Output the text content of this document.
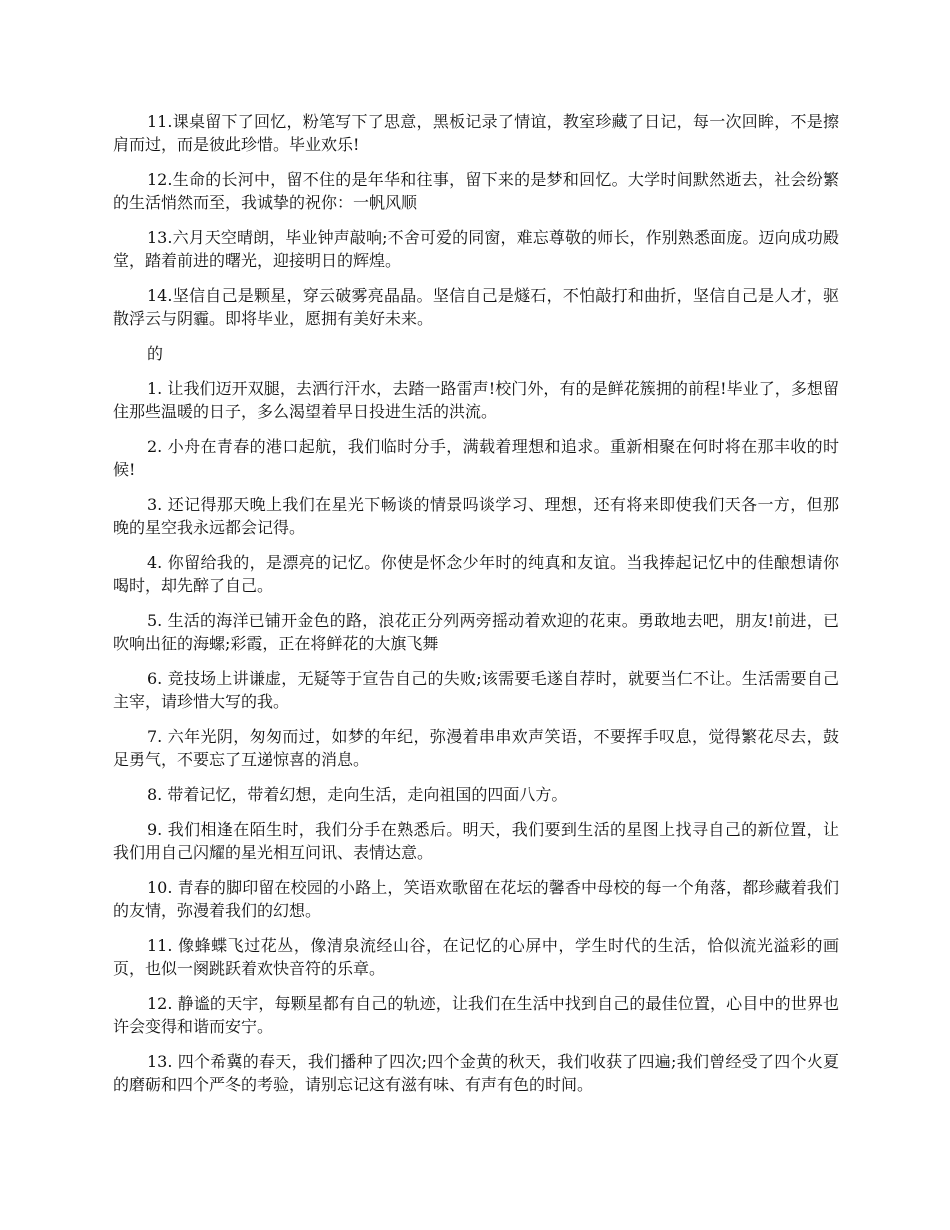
11.课桌留下了回忆，粉笔写下了思意，黑板记录了情谊，教室珍藏了日记，每一次回眸，不是擦肩而过，而是彼此珍惜。毕业欢乐!

12.生命的长河中，留不住的是年华和往事，留下来的是梦和回忆。大学时间默然逝去，社会纷繁的生活悄然而至，我诚挚的祝你：一帆风顺

13.六月天空晴朗，毕业钟声敲响;不舍可爱的同窗，难忘尊敬的师长，作别熟悉面庞。迈向成功殿堂，踏着前进的曙光，迎接明日的辉煌。

14.坚信自己是颗星，穿云破雾亮晶晶。坚信自己是燧石，不怕敲打和曲折，坚信自己是人才，驱散浮云与阴霾。即将毕业，愿拥有美好未来。

的

1. 让我们迈开双腿，去洒行汗水，去踏一路雷声!校门外，有的是鲜花簇拥的前程!毕业了，多想留住那些温暖的日子，多么渴望着早日投进生活的洪流。

2. 小舟在青春的港口起航，我们临时分手，满载着理想和追求。重新相聚在何时将在那丰收的时候!

3. 还记得那天晚上我们在星光下畅谈的情景吗谈学习、理想，还有将来即使我们天各一方，但那晚的星空我永远都会记得。

4. 你留给我的，是漂亮的记忆。你使是怀念少年时的纯真和友谊。当我捧起记忆中的佳酿想请你喝时，却先醉了自己。

5. 生活的海洋已铺开金色的路，浪花正分列两旁摇动着欢迎的花束。勇敢地去吧，朋友!前进，已吹响出征的海螺;彩霞，正在将鲜花的大旗飞舞

6. 竞技场上讲谦虚，无疑等于宣告自己的失败;该需要毛遂自荐时，就要当仁不让。生活需要自己主宰，请珍惜大写的我。

7. 六年光阴，匆匆而过，如梦的年纪，弥漫着串串欢声笑语，不要挥手叹息，觉得繁花尽去，鼓足勇气，不要忘了互递惊喜的消息。

8. 带着记忆，带着幻想，走向生活，走向祖国的四面八方。

9. 我们相逢在陌生时，我们分手在熟悉后。明天，我们要到生活的星图上找寻自己的新位置，让我们用自己闪耀的星光相互问讯、表情达意。

10. 青春的脚印留在校园的小路上，笑语欢歌留在花坛的馨香中母校的每一个角落，都珍藏着我们的友情，弥漫着我们的幻想。

11. 像蜂蝶飞过花丛，像清泉流经山谷，在记忆的心屏中，学生时代的生活，恰似流光溢彩的画页，也似一阕跳跃着欢快音符的乐章。

12. 静谧的天宇，每颗星都有自己的轨迹，让我们在生活中找到自己的最佳位置，心目中的世界也许会变得和谐而安宁。

13. 四个希冀的春天，我们播种了四次;四个金黄的秋天，我们收获了四遍;我们曾经受了四个火夏的磨砺和四个严冬的考验，请别忘记这有滋有味、有声有色的时间。
